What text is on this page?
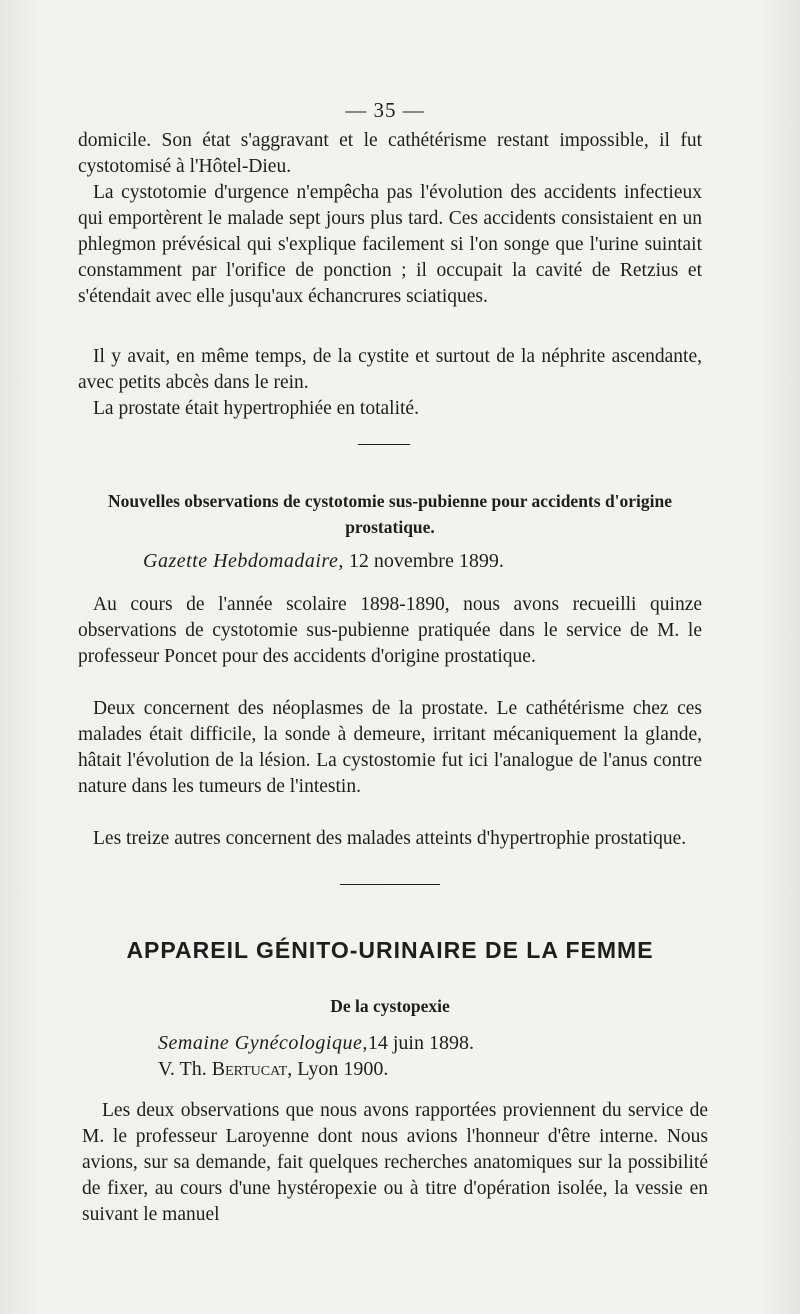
— 35 —

domicile. Son état s'aggravant et le cathétérisme restant impossible, il fut cystotomisé à l'Hôtel-Dieu.

La cystotomie d'urgence n'empêcha pas l'évolution des accidents infectieux qui emportèrent le malade sept jours plus tard. Ces accidents consistaient en un phlegmon prévésical qui s'explique facilement si l'on songe que l'urine suintait constamment par l'orifice de ponction ; il occupait la cavité de Retzius et s'étendait avec elle jusqu'aux échancrures sciatiques.

Il y avait, en même temps, de la cystite et surtout de la néphrite ascendante, avec petits abcès dans le rein.

La prostate était hypertrophiée en totalité.

Nouvelles observations de cystotomie sus-pubienne pour accidents d'origine prostatique.

Gazette Hebdomadaire, 12 novembre 1899.

Au cours de l'année scolaire 1898-1890, nous avons recueilli quinze observations de cystotomie sus-pubienne pratiquée dans le service de M. le professeur Poncet pour des accidents d'origine prostatique.

Deux concernent des néoplasmes de la prostate. Le cathétérisme chez ces malades était difficile, la sonde à demeure, irritant mécaniquement la glande, hâtait l'évolution de la lésion. La cystostomie fut ici l'analogue de l'anus contre nature dans les tumeurs de l'intestin.

Les treize autres concernent des malades atteints d'hypertrophie prostatique.

APPAREIL GÉNITO-URINAIRE DE LA FEMME
De la cystopexie
Semaine Gynécologique,14 juin 1898.
V. Th. Bertucat, Lyon 1900.

Les deux observations que nous avons rapportées proviennent du service de M. le professeur Laroyenne dont nous avions l'honneur d'être interne. Nous avions, sur sa demande, fait quelques recherches anatomiques sur la possibilité de fixer, au cours d'une hystéropexie ou à titre d'opération isolée, la vessie en suivant le manuel
